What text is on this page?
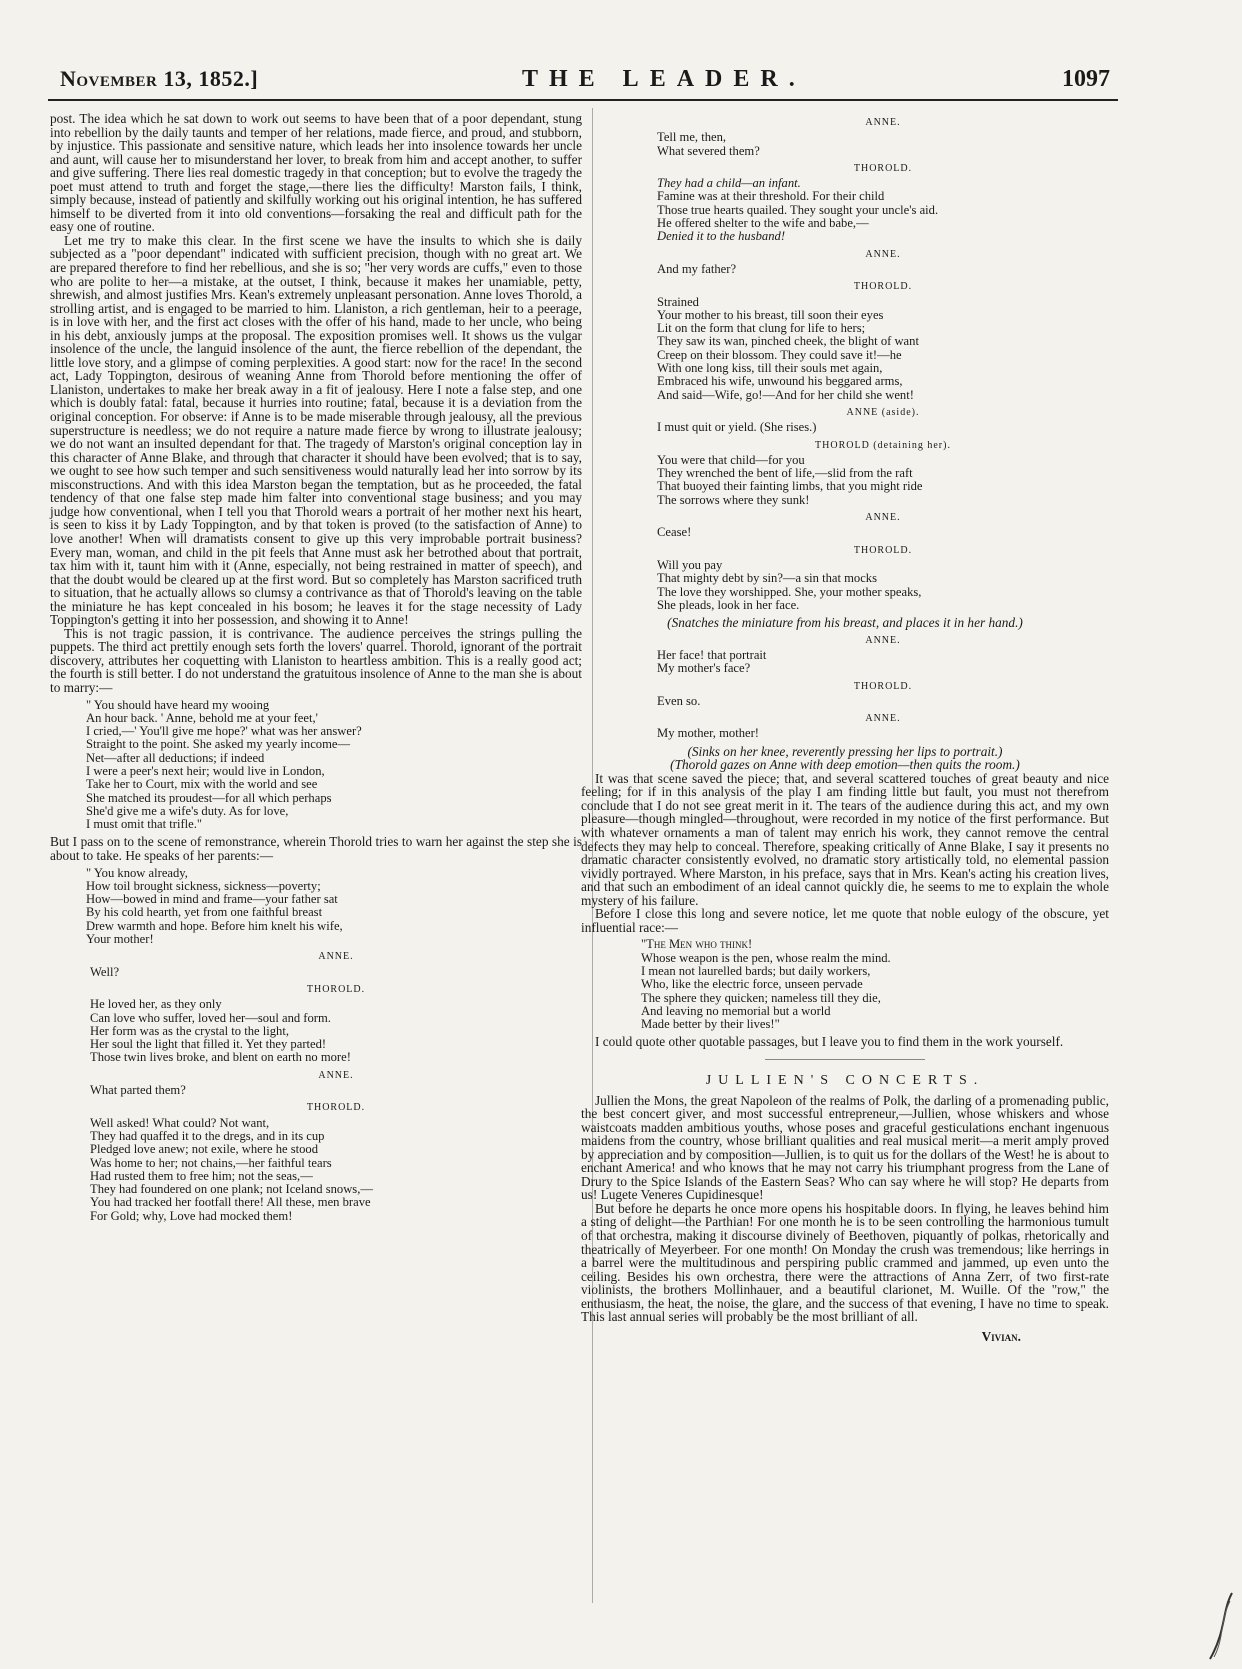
November 13, 1852.]	THE LEADER.	1097

post. The idea which he sat down to work out seems to have been that of a poor dependant, stung into rebellion by the daily taunts and temper of her relations, made fierce, and proud, and stubborn, by injustice. This passionate and sensitive nature, which leads her into insolence towards her uncle and aunt, will cause her to misunderstand her lover, to break from him and accept another, to suffer and give suffering. There lies real domestic tragedy in that conception; but to evolve the tragedy the poet must attend to truth and forget the stage,—there lies the difficulty! Marston fails, I think, simply because, instead of patiently and skilfully working out his original intention, he has suffered himself to be diverted from it into old conventions—forsaking the real and difficult path for the easy one of routine.

Let me try to make this clear. In the first scene we have the insults to which she is daily subjected as a "poor dependant" indicated with sufficient precision, though with no great art. We are prepared therefore to find her rebellious, and she is so; "her very words are cuffs," even to those who are polite to her—a mistake, at the outset, I think, because it makes her unamiable, petty, shrewish, and almost justifies Mrs. Kean's extremely unpleasant personation. Anne loves Thorold, a strolling artist, and is engaged to be married to him. Llaniston, a rich gentleman, heir to a peerage, is in love with her, and the first act closes with the offer of his hand, made to her uncle, who being in his debt, anxiously jumps at the proposal. The exposition promises well. It shows us the vulgar insolence of the uncle, the languid insolence of the aunt, the fierce rebellion of the dependant, the little love story, and a glimpse of coming perplexities. A good start: now for the race! In the second act, Lady Toppington, desirous of weaning Anne from Thorold before mentioning the offer of Llaniston, undertakes to make her break away in a fit of jealousy. Here I note a false step, and one which is doubly fatal: fatal, because it hurries into routine; fatal, because it is a deviation from the original conception. For observe: if Anne is to be made miserable through jealousy, all the previous superstructure is needless; we do not require a nature made fierce by wrong to illustrate jealousy; we do not want an insulted dependant for that. The tragedy of Marston's original conception lay in this character of Anne Blake, and through that character it should have been evolved; that is to say, we ought to see how such temper and such sensitiveness would naturally lead her into sorrow by its misconstructions. And with this idea Marston began the temptation, but as he proceeded, the fatal tendency of that one false step made him falter into conventional stage business; and you may judge how conventional, when I tell you that Thorold wears a portrait of her mother next his heart, is seen to kiss it by Lady Toppington, and by that token is proved (to the satisfaction of Anne) to love another! When will dramatists consent to give up this very improbable portrait business? Every man, woman, and child in the pit feels that Anne must ask her betrothed about that portrait, tax him with it, taunt him with it (Anne, especially, not being restrained in matter of speech), and that the doubt would be cleared up at the first word. But so completely has Marston sacrificed truth to situation, that he actually allows so clumsy a contrivance as that of Thorold's leaving on the table the miniature he has kept concealed in his bosom; he leaves it for the stage necessity of Lady Toppington's getting it into her possession, and showing it to Anne!

This is not tragic passion, it is contrivance. The audience perceives the strings pulling the puppets. The third act prettily enough sets forth the lovers' quarrel. Thorold, ignorant of the portrait discovery, attributes her coquetting with Llaniston to heartless ambition. This is a really good act; the fourth is still better. I do not understand the gratuitous insolence of Anne to the man she is about to marry:—

" You should have heard my wooing
An hour back. ' Anne, behold me at your feet,'
I cried,—' You'll give me hope?' what was her answer?
Straight to the point. She asked my yearly income—
Net—after all deductions; if indeed
I were a peer's next heir; would live in London,
Take her to Court, mix with the world and see
She matched its proudest—for all which perhaps
She'd give me a wife's duty. As for love,
I must omit that trifle."

But I pass on to the scene of remonstrance, wherein Thorold tries to warn her against the step she is about to take. He speaks of her parents:—

" You know already,
How toil brought sickness, sickness—poverty;
How—bowed in mind and frame—your father sat
By his cold hearth, yet from one faithful breast
Drew warmth and hope. Before him knelt his wife,
Your mother!
ANNE.
Well?
THOROLD.
He loved her, as they only
Can love who suffer, loved her—soul and form.
Her form was as the crystal to the light,
Her soul the light that filled it. Yet they parted!
Those twin lives broke, and blent on earth no more!
ANNE.
What parted them?
THOROLD.
Well asked! What could? Not want,
They had quaffed it to the dregs, and in its cup
Pledged love anew; not exile, where he stood
Was home to her; not chains,—her faithful tears
Had rusted them to free him; not the seas,—
They had foundered on one plank; not Iceland snows,—
You had tracked her footfall there! All these, men brave
For Gold; why, Love had mocked them!
ANNE.
Tell me, then,
What severed them?
THOROLD.
They had a child—an infant.
Famine was at their threshold. For their child
Those true hearts quailed. They sought your uncle's aid.
He offered shelter to the wife and babe,—
Denied it to the husband!
ANNE.
And my father?
THOROLD.
Strained
Your mother to his breast, till soon their eyes
Lit on the form that clung for life to hers;
They saw its wan, pinched cheek, the blight of want
Creep on their blossom. They could save it!—he
With one long kiss, till their souls met again,
Embraced his wife, unwound his beggared arms,
And said—Wife, go!—And for her child she went!
ANNE (aside).
I must quit or yield. (She rises.)
THOROLD (detaining her).
You were that child—for you
They wrenched the bent of life,—slid from the raft
That buoyed their fainting limbs, that you might ride
The sorrows where they sunk!
ANNE.
Cease!
THOROLD.
Will you pay
That mighty debt by sin?—a sin that mocks
The love they worshipped. She, your mother speaks,
She pleads, look in her face.
(Snatches the miniature from his breast, and places it in her hand.)
ANNE.
Her face! that portrait
My mother's face?
THOROLD.
Even so.
ANNE.
My mother, mother!
(Sinks on her knee, reverently pressing her lips to portrait.)
(Thorold gazes on Anne with deep emotion—then quits the room.)

It was that scene saved the piece; that, and several scattered touches of great beauty and nice feeling; for if in this analysis of the play I am finding little but fault, you must not therefrom conclude that I do not see great merit in it. The tears of the audience during this act, and my own pleasure—though mingled—throughout, were recorded in my notice of the first performance. But with whatever ornaments a man of talent may enrich his work, they cannot remove the central defects they may help to conceal. Therefore, speaking critically of Anne Blake, I say it presents no dramatic character consistently evolved, no dramatic story artistically told, no elemental passion vividly portrayed. Where Marston, in his preface, says that in Mrs. Kean's acting his creation lives, and that such an embodiment of an ideal cannot quickly die, he seems to me to explain the whole mystery of his failure.

Before I close this long and severe notice, let me quote that noble eulogy of the obscure, yet influential race:—

"The Men who think!
Whose weapon is the pen, whose realm the mind.
I mean not laurelled bards; but daily workers,
Who, like the electric force, unseen pervade
The sphere they quicken; nameless till they die,
And leaving no memorial but a world
Made better by their lives!"

I could quote other quotable passages, but I leave you to find them in the work yourself.

JULLIEN'S CONCERTS.

Jullien the Mons, the great Napoleon of the realms of Polk, the darling of a promenading public, the best concert giver, and most successful entrepreneur,—Jullien, whose whiskers and whose waistcoats madden ambitious youths, whose poses and graceful gesticulations enchant ingenuous maidens from the country, whose brilliant qualities and real musical merit—a merit amply proved by appreciation and by composition—Jullien, is to quit us for the dollars of the West! he is about to enchant America! and who knows that he may not carry his triumphant progress from the Lane of Drury to the Spice Islands of the Eastern Seas? Who can say where he will stop? He departs from us! Lugete Veneres Cupidinesque!

But before he departs he once more opens his hospitable doors. In flying, he leaves behind him a sting of delight—the Parthian! For one month he is to be seen controlling the harmonious tumult of that orchestra, making it discourse divinely of Beethoven, piquantly of polkas, rhetorically and theatrically of Meyerbeer. For one month! On Monday the crush was tremendous; like herrings in a barrel were the multitudinous and perspiring public crammed and jammed, up even unto the ceiling. Besides his own orchestra, there were the attractions of Anna Zerr, of two first-rate violinists, the brothers Mollinhauer, and a beautiful clarionet, M. Wuille. Of the "row," the enthusiasm, the heat, the noise, the glare, and the success of that evening, I have no time to speak. This last annual series will probably be the most brilliant of all.

Vivian.
